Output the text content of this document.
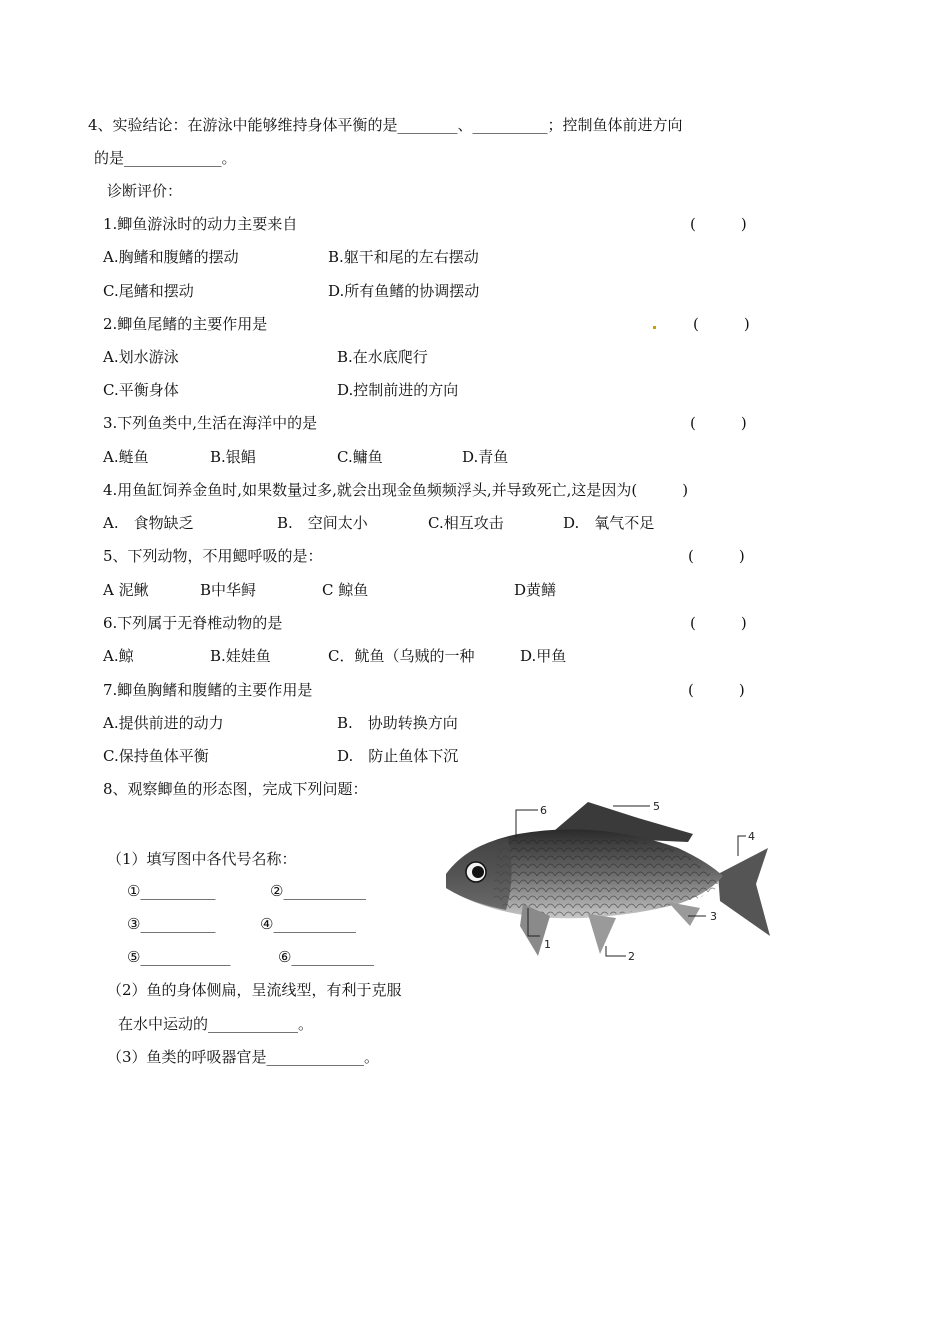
4、实验结论：在游泳中能够维持身体平衡的是________、__________；控制鱼体前进方向
的是_____________。
诊断评价：
1.鲫鱼游泳时的动力主要来自	(　　　)
A.胸鳍和腹鳍的摆动	B.躯干和尾的左右摆动
C.尾鳍和摆动	D.所有鱼鳍的协调摆动
2.鲫鱼尾鳍的主要作用是	(　　　)
A.划水游泳	B.在水底爬行
C.平衡身体	D.控制前进的方向
3.下列鱼类中,生活在海洋中的是	(　　　)
A.鲢鱼	B.银鲳	C.鳙鱼	D.青鱼
4.用鱼缸饲养金鱼时,如果数量过多,就会出现金鱼频频浮头,并导致死亡,这是因为(　　　)
A.　食物缺乏	B.　空间太小	C.相互攻击	D.　氧气不足
5、下列动物，不用鳃呼吸的是：	(　　　)
A 泥鳅	B中华鲟	C 鲸鱼	D黄鳝
6.下列属于无脊椎动物的是	(　　　)
A.鲸	B.娃娃鱼	C．鱿鱼（乌贼的一种	D.甲鱼
7.鲫鱼胸鳍和腹鳍的主要作用是	(　　　)
A.提供前进的动力	B.　协助转换方向
C.保持鱼体平衡	D.　防止鱼体下沉
8、观察鲫鱼的形态图，完成下列问题：
（1）填写图中各代号名称：
①__________	②___________
③__________	④___________
⑤____________	⑥___________
（2）鱼的身体侧扁，呈流线型，有利于克服
在水中运动的____________。
（3）鱼类的呼吸器官是_____________。
1
2
3
4
5
6
